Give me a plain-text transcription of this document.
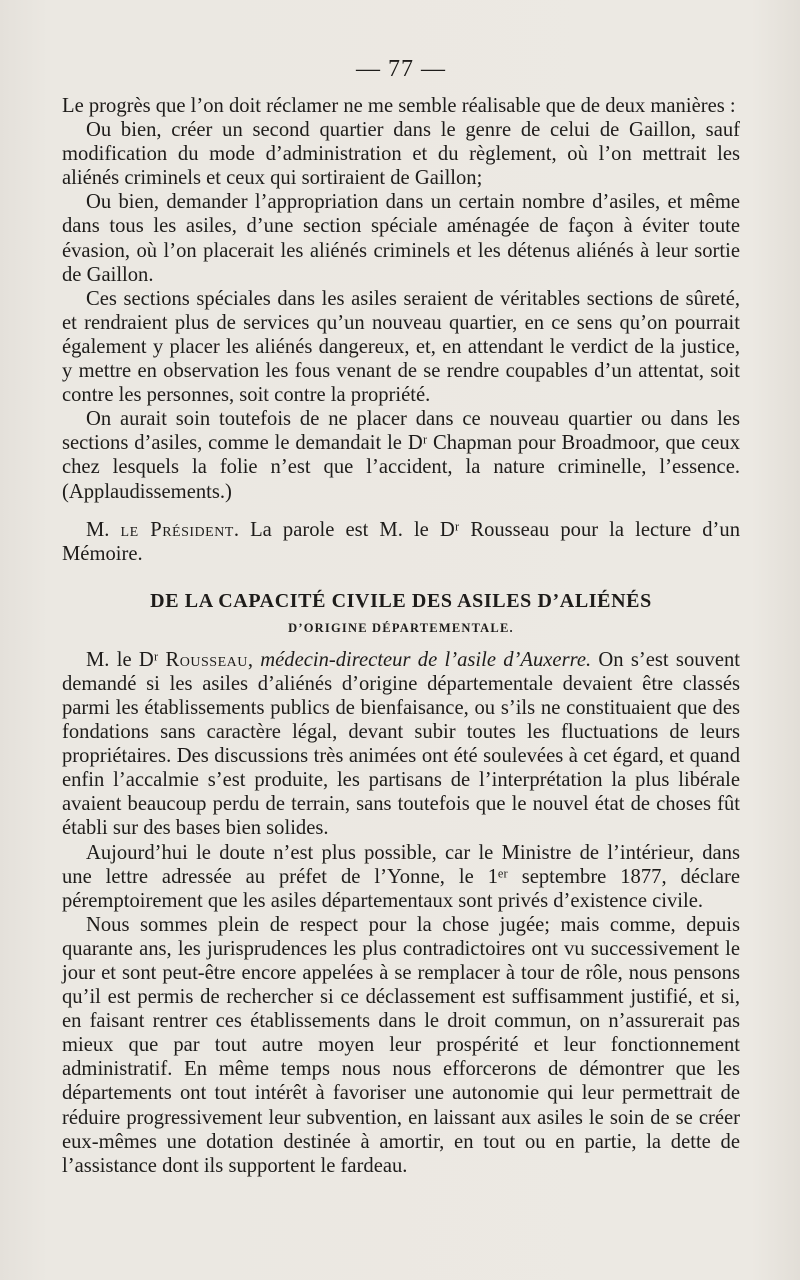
— 77 —

Le progrès que l’on doit réclamer ne me semble réalisable que de deux manières :

Ou bien, créer un second quartier dans le genre de celui de Gaillon, sauf modification du mode d’administration et du règlement, où l’on mettrait les aliénés criminels et ceux qui sortiraient de Gaillon;

Ou bien, demander l’appropriation dans un certain nombre d’asiles, et même dans tous les asiles, d’une section spéciale aménagée de façon à éviter toute évasion, où l’on placerait les aliénés criminels et les détenus aliénés à leur sortie de Gaillon.

Ces sections spéciales dans les asiles seraient de véritables sections de sûreté, et rendraient plus de services qu’un nouveau quartier, en ce sens qu’on pourrait également y placer les aliénés dangereux, et, en attendant le verdict de la justice, y mettre en observation les fous venant de se rendre coupables d’un attentat, soit contre les personnes, soit contre la propriété.

On aurait soin toutefois de ne placer dans ce nouveau quartier ou dans les sections d’asiles, comme le demandait le Dʳ Chapman pour Broadmoor, que ceux chez lesquels la folie n’est que l’accident, la nature criminelle, l’essence. (Applaudissements.)

M. le Président. La parole est M. le Dʳ Rousseau pour la lecture d’un Mémoire.

DE LA CAPACITÉ CIVILE DES ASILES D’ALIÉNÉS
D’ORIGINE DÉPARTEMENTALE.

M. le Dʳ Rousseau, médecin-directeur de l’asile d’Auxerre. On s’est souvent demandé si les asiles d’aliénés d’origine départementale devaient être classés parmi les établissements publics de bienfaisance, ou s’ils ne constituaient que des fondations sans caractère légal, devant subir toutes les fluctuations de leurs propriétaires. Des discussions très animées ont été soulevées à cet égard, et quand enfin l’accalmie s’est produite, les partisans de l’interprétation la plus libérale avaient beaucoup perdu de terrain, sans toutefois que le nouvel état de choses fût établi sur des bases bien solides.

Aujourd’hui le doute n’est plus possible, car le Ministre de l’intérieur, dans une lettre adressée au préfet de l’Yonne, le 1ᵉʳ septembre 1877, déclare péremptoirement que les asiles départementaux sont privés d’existence civile.

Nous sommes plein de respect pour la chose jugée; mais comme, depuis quarante ans, les jurisprudences les plus contradictoires ont vu successivement le jour et sont peut-être encore appelées à se remplacer à tour de rôle, nous pensons qu’il est permis de rechercher si ce déclassement est suffisamment justifié, et si, en faisant rentrer ces établissements dans le droit commun, on n’assurerait pas mieux que par tout autre moyen leur prospérité et leur fonctionnement administratif. En même temps nous nous efforcerons de démontrer que les départements ont tout intérêt à favoriser une autonomie qui leur permettrait de réduire progressivement leur subvention, en laissant aux asiles le soin de se créer eux-mêmes une dotation destinée à amortir, en tout ou en partie, la dette de l’assistance dont ils supportent le fardeau.
